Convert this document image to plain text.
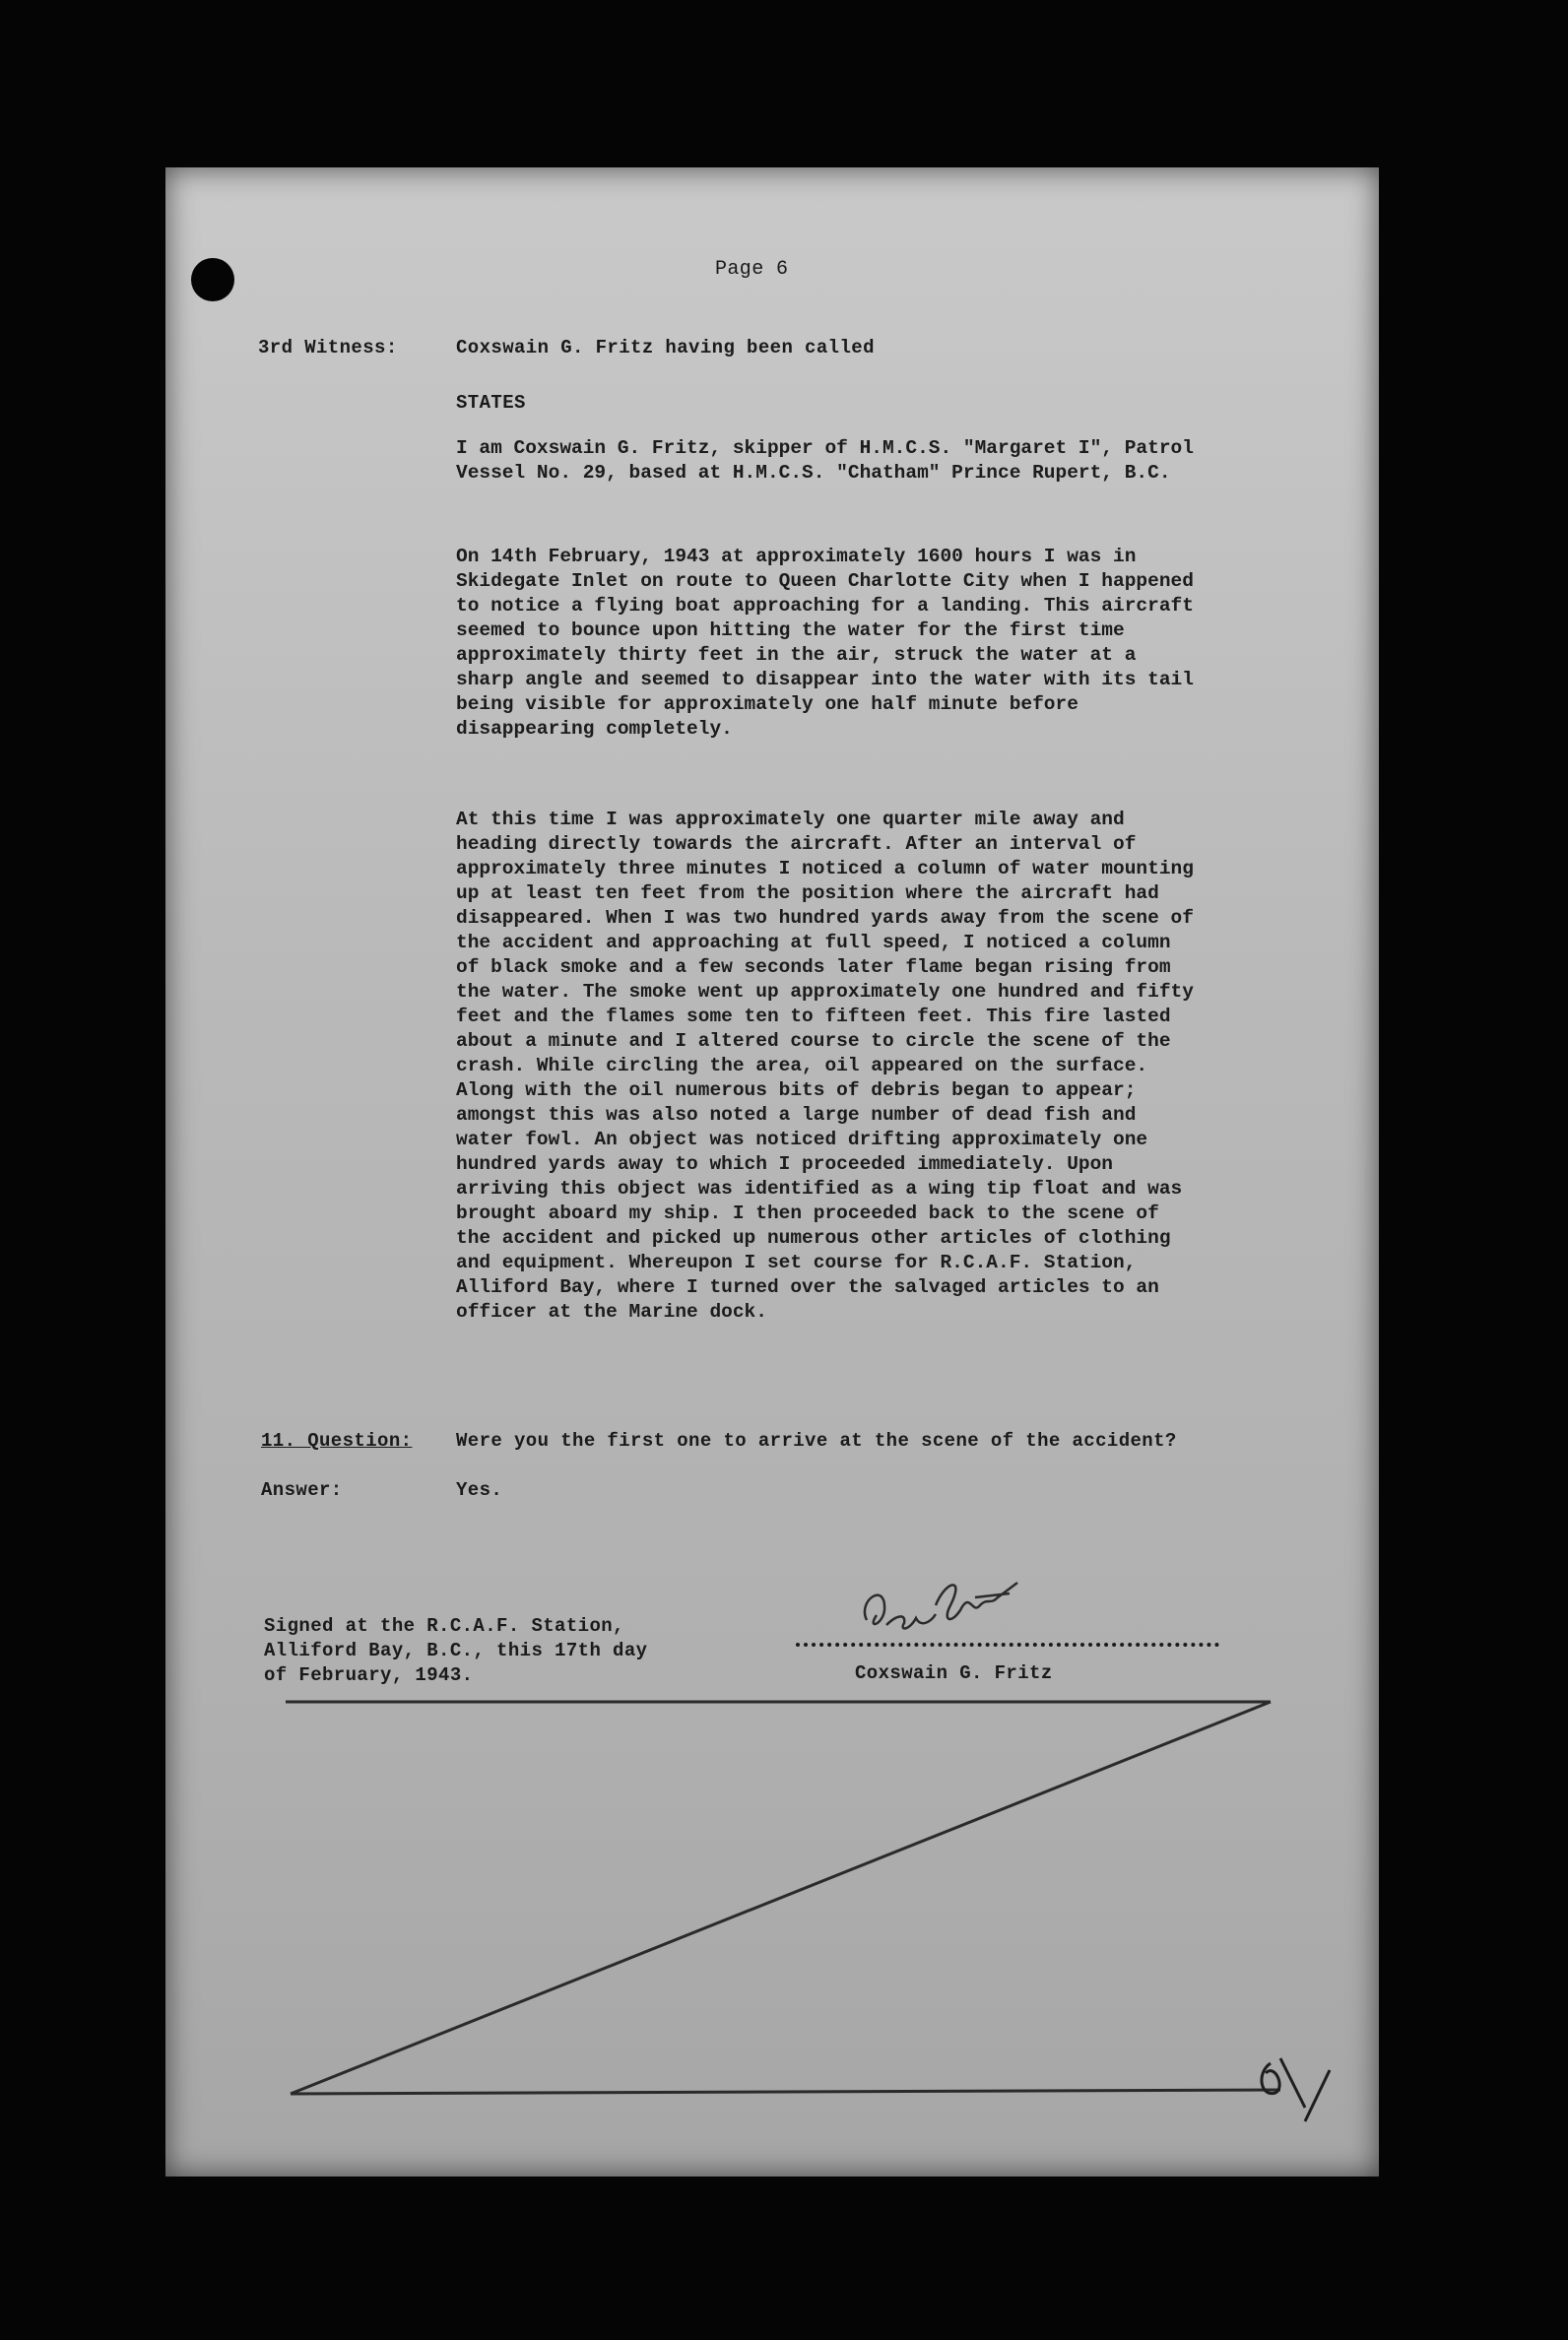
Page 6
3rd Witness:	Coxswain G. Fritz having been called
STATES
I am Coxswain G. Fritz, skipper of H.M.C.S. "Margaret I", Patrol Vessel No. 29, based at H.M.C.S. "Chatham" Prince Rupert, B.C.
On 14th February, 1943 at approximately 1600 hours I was in Skidegate Inlet on route to Queen Charlotte City when I happened to notice a flying boat approaching for a landing. This aircraft seemed to bounce upon hitting the water for the first time approximately thirty feet in the air, struck the water at a sharp angle and seemed to disappear into the water with its tail being visible for approximately one half minute before disappearing completely.
At this time I was approximately one quarter mile away and heading directly towards the aircraft. After an interval of approximately three minutes I noticed a column of water mounting up at least ten feet from the position where the aircraft had disappeared. When I was two hundred yards away from the scene of the accident and approaching at full speed, I noticed a column of black smoke and a few seconds later flame began rising from the water. The smoke went up approximately one hundred and fifty feet and the flames some ten to fifteen feet. This fire lasted about a minute and I altered course to circle the scene of the crash. While circling the area, oil appeared on the surface. Along with the oil numerous bits of debris began to appear; amongst this was also noted a large number of dead fish and water fowl. An object was noticed drifting approximately one hundred yards away to which I proceeded immediately. Upon arriving this object was identified as a wing tip float and was brought aboard my ship. I then proceeded back to the scene of the accident and picked up numerous other articles of clothing and equipment. Whereupon I set course for R.C.A.F. Station, Alliford Bay, where I turned over the salvaged articles to an officer at the Marine dock.
11. Question: Were you the first one to arrive at the scene of the accident?
Answer:	Yes.
Signed at the R.C.A.F. Station,
Alliford Bay, B.C., this 17th day
of February, 1943.	Coxswain G. Fritz
